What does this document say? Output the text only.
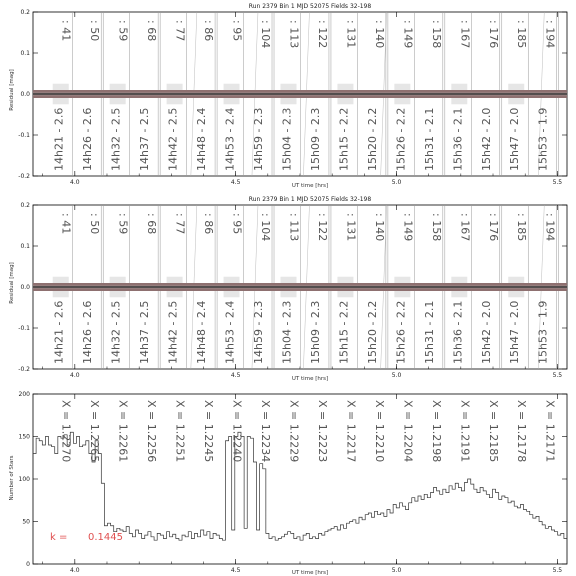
Run 2379 Bin 1 MJD 52075 Fields 32-198
-0.2
-0.1
0.0
0.1
0.2
4.0	4.5	5.0	5.5
: 41
14h21 - 2.6
: 50
14h26 - 2.6
: 59
14h32 - 2.5
: 68
14h37 - 2.5
: 77
14h42 - 2.5
: 86
14h48 - 2.4
: 95
14h53 - 2.4
: 104
14h59 - 2.3
: 113
15h04 - 2.3
: 122
15h09 - 2.3
: 131
15h15 - 2.2
: 140
15h20 - 2.2
: 149
15h26 - 2.2
: 158
15h31 - 2.1
: 167
15h36 - 2.1
: 176
15h42 - 2.0
: 185
15h47 - 2.0
: 194
15h53 - 1.9
Residual [mag]
UT time [hrs]
Run 2379 Bin 1 MJD 52075 Fields 32-198
-0.2
-0.1
0.0
0.1
0.2
4.0	4.5	5.0	5.5
: 41
14h21 - 2.6
: 50
14h26 - 2.6
: 59
14h32 - 2.5
: 68
14h37 - 2.5
: 77
14h42 - 2.5
: 86
14h48 - 2.4
: 95
14h53 - 2.4
: 104
14h59 - 2.3
: 113
15h04 - 2.3
: 122
15h09 - 2.3
: 131
15h15 - 2.2
: 140
15h20 - 2.2
: 149
15h26 - 2.2
: 158
15h31 - 2.1
: 167
15h36 - 2.1
: 176
15h42 - 2.0
: 185
15h47 - 2.0
: 194
15h53 - 1.9
Residual [mag]
UT time [hrs]
0
50
100
150
200
4.0	4.5	5.0	5.5
X = 1.2270 X = 1.2265 X = 1.2261 X = 1.2256 X = 1.2251 X = 1.2245 X = 1.2240 X = 1.2234 X = 1.2229 X = 1.2223 X = 1.2217 X = 1.2210 X = 1.2204 X = 1.2198 X = 1.2191 X = 1.2185 X = 1.2178 X = 1.2171
Number of Stars
UT time [hrs]
k = 0.1445
